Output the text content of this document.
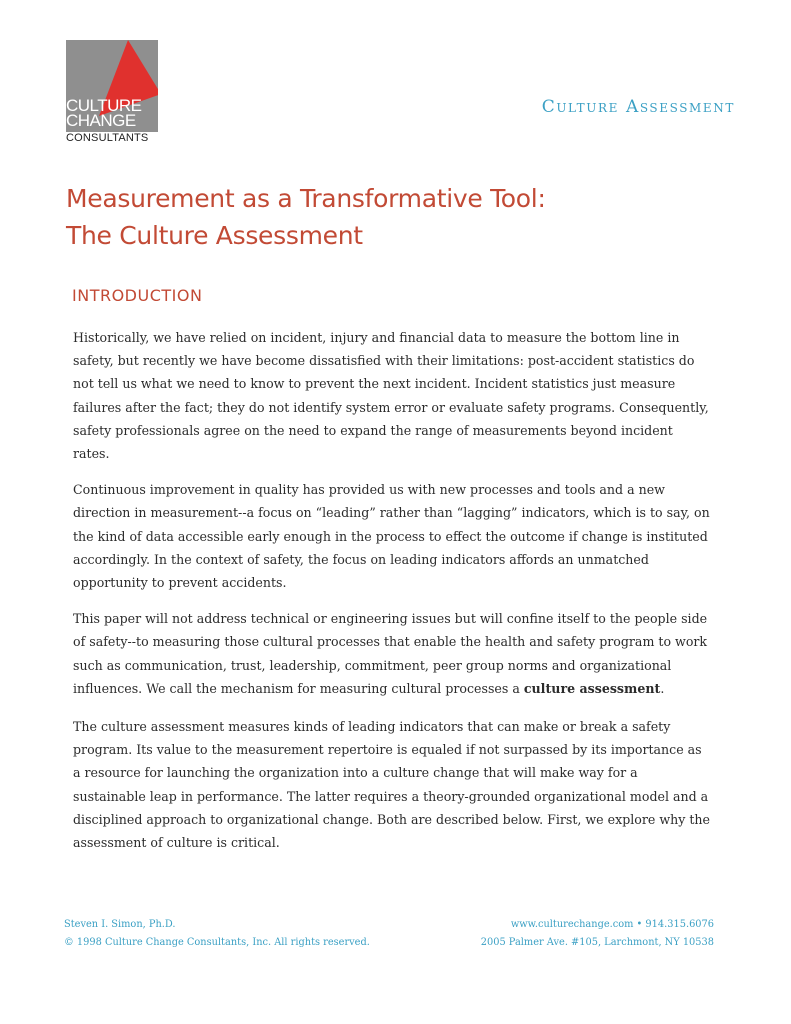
CULTURE
CHANGE
CONSULTANTS
Culture Assessment
Measurement as a Transformative Tool:
The Culture Assessment
INTRODUCTION

Historically, we have relied on incident, injury and financial data to measure the bottom line in safety, but recently we have become dissatisfied with their limitations: post-accident statistics do not tell us what we need to know to prevent the next incident. Incident statistics just measure failures after the fact; they do not identify system error or evaluate safety programs. Consequently, safety professionals agree on the need to expand the range of measurements beyond incident rates.

Continuous improvement in quality has provided us with new processes and tools and a new direction in measurement--a focus on “leading” rather than “lagging” indicators, which is to say, on the kind of data accessible early enough in the process to effect the outcome if change is instituted accordingly. In the context of safety, the focus on leading indicators affords an unmatched opportunity to prevent accidents.

This paper will not address technical or engineering issues but will confine itself to the people side of safety--to measuring those cultural processes that enable the health and safety program to work such as communication, trust, leadership, commitment, peer group norms and organizational influences. We call the mechanism for measuring cultural processes a culture assessment.

The culture assessment measures kinds of leading indicators that can make or break a safety program. Its value to the measurement repertoire is equaled if not surpassed by its importance as a resource for launching the organization into a culture change that will make way for a sustainable leap in performance. The latter requires a theory-grounded organizational model and a disciplined approach to organizational change. Both are described below. First, we explore why the assessment of culture is critical.

Steven I. Simon, Ph.D.
© 1998 Culture Change Consultants, Inc. All rights reserved.
www.culturechange.com • 914.315.6076
2005 Palmer Ave. #105, Larchmont, NY 10538
